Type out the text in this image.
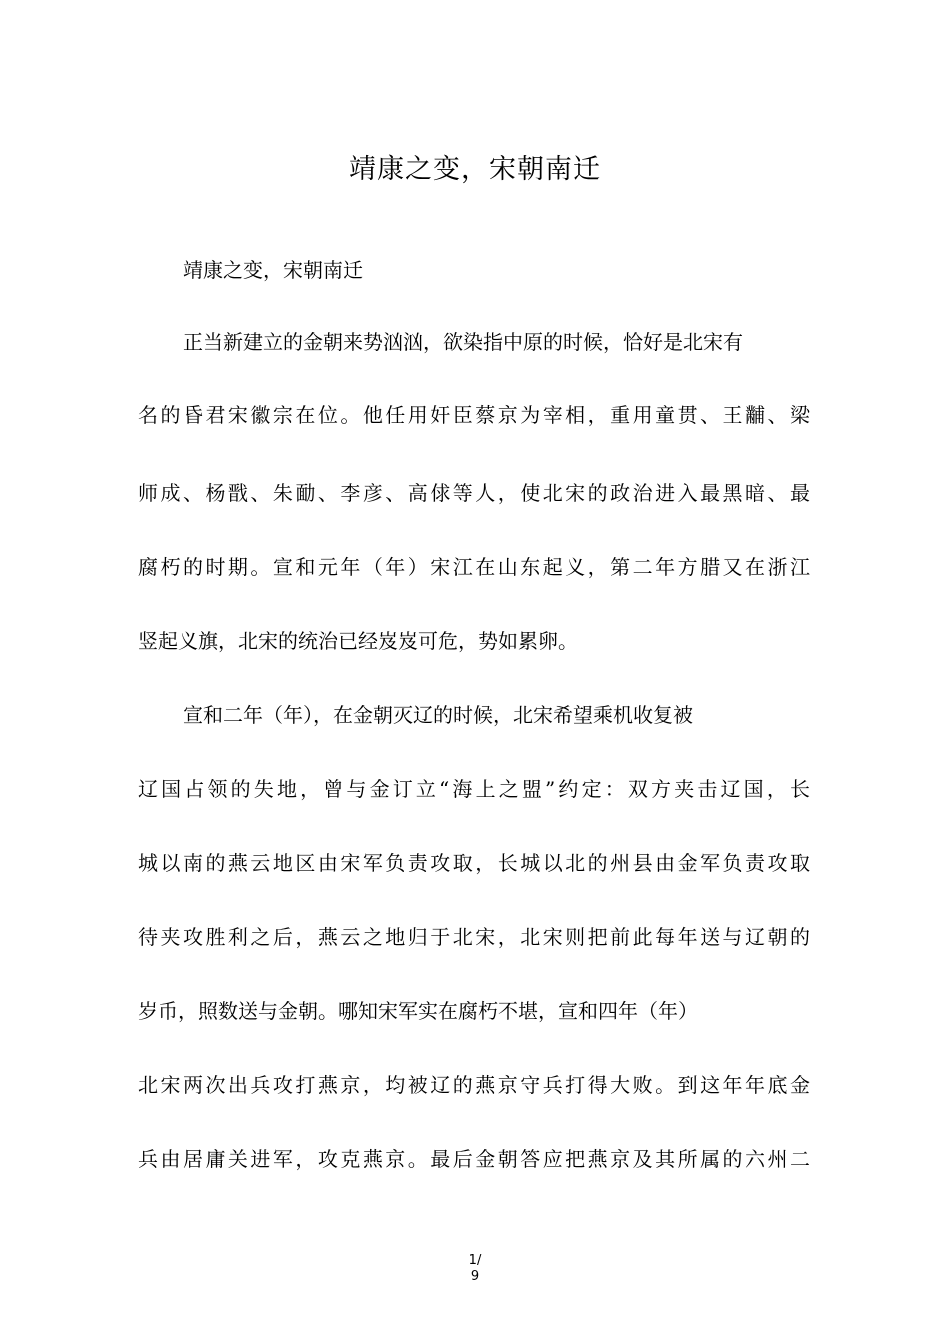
靖康之变，宋朝南迁
靖康之变，宋朝南迁
正当新建立的金朝来势汹汹，欲染指中原的时候，恰好是北宋有
名的昏君宋徽宗在位。他任用奸臣蔡京为宰相，重用童贯、王黼、梁
师成、杨戬、朱勔、李彦、高俅等人，使北宋的政治进入最黑暗、最
腐朽的时期。宣和元年（年）宋江在山东起义，第二年方腊又在浙江
竖起义旗，北宋的统治已经岌岌可危，势如累卵。
宣和二年（年），在金朝灭辽的时候，北宋希望乘机收复被
辽国占领的失地，曾与金订立“海上之盟”约定：双方夹击辽国，长
城以南的燕云地区由宋军负责攻取，长城以北的州县由金军负责攻取
待夹攻胜利之后，燕云之地归于北宋，北宋则把前此每年送与辽朝的
岁币，照数送与金朝。哪知宋军实在腐朽不堪，宣和四年（年）
北宋两次出兵攻打燕京，均被辽的燕京守兵打得大败。到这年年底金
兵由居庸关进军，攻克燕京。最后金朝答应把燕京及其所属的六州二
1/
9
